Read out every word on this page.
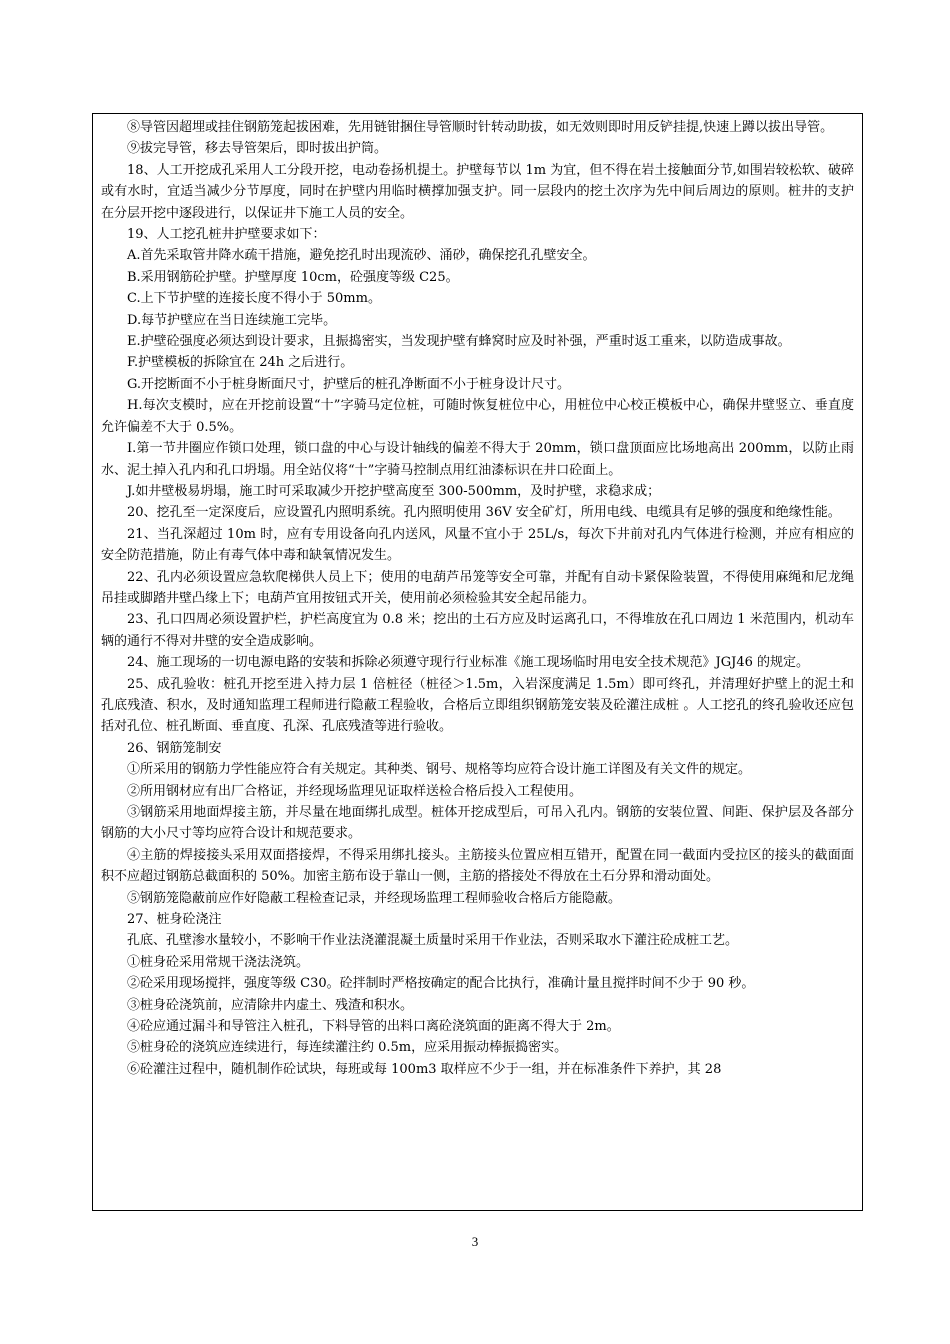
⑧导管因超埋或挂住钢筋笼起拔困难，先用链钳捆住导管顺时针转动助拔，如无效则即时用反铲挂提,快速上蹲以拔出导管。

⑨拔完导管，移去导管架后，即时拔出护筒。

18、人工开挖成孔采用人工分段开挖，电动卷扬机提土。护壁每节以 1m 为宜，但不得在岩土接触面分节,如围岩较松软、破碎或有水时，宜适当减少分节厚度，同时在护壁内用临时横撑加强支护。同一层段内的挖土次序为先中间后周边的原则。桩井的支护在分层开挖中逐段进行，以保证井下施工人员的安全。

19、人工挖孔桩井护壁要求如下：

A.首先采取管井降水疏干措施，避免挖孔时出现流砂、涌砂，确保挖孔孔壁安全。

B.采用钢筋砼护壁。护壁厚度 10cm，砼强度等级 C25。

C.上下节护壁的连接长度不得小于 50mm。

D.每节护壁应在当日连续施工完毕。

E.护壁砼强度必须达到设计要求，且振捣密实，当发现护壁有蜂窝时应及时补强，严重时返工重来，以防造成事故。

F.护壁模板的拆除宜在 24h 之后进行。

G.开挖断面不小于桩身断面尺寸，护壁后的桩孔净断面不小于桩身设计尺寸。

H.每次支模时，应在开挖前设置“十”字骑马定位桩，可随时恢复桩位中心，用桩位中心校正模板中心，确保井壁竖立、垂直度允许偏差不大于 0.5%。

I.第一节井圈应作锁口处理，锁口盘的中心与设计轴线的偏差不得大于 20mm，锁口盘顶面应比场地高出 200mm，以防止雨水、泥土掉入孔内和孔口坍塌。用全站仪将“十”字骑马控制点用红油漆标识在井口砼面上。

J.如井壁极易坍塌，施工时可采取减少开挖护壁高度至 300-500mm，及时护壁，求稳求成；

20、挖孔至一定深度后，应设置孔内照明系统。孔内照明使用 36V 安全矿灯，所用电线、电缆具有足够的强度和绝缘性能。

21、当孔深超过 10m 时，应有专用设备向孔内送风，风量不宜小于 25L/s，每次下井前对孔内气体进行检测，并应有相应的安全防范措施，防止有毒气体中毒和缺氧情况发生。

22、孔内必须设置应急软爬梯供人员上下；使用的电葫芦吊笼等安全可靠，并配有自动卡紧保险装置，不得使用麻绳和尼龙绳吊挂或脚踏井壁凸缘上下；电葫芦宜用按钮式开关，使用前必须检验其安全起吊能力。

23、孔口四周必须设置护栏，护栏高度宜为 0.8 米；挖出的土石方应及时运离孔口，不得堆放在孔口周边 1 米范围内，机动车辆的通行不得对井壁的安全造成影响。

24、施工现场的一切电源电路的安装和拆除必须遵守现行行业标准《施工现场临时用电安全技术规范》JGJ46 的规定。

25、成孔验收：桩孔开挖至进入持力层 1 倍桩径（桩径＞1.5m，入岩深度满足 1.5m）即可终孔，并清理好护壁上的泥土和孔底残渣、积水，及时通知监理工程师进行隐蔽工程验收，合格后立即组织钢筋笼安装及砼灌注成桩 。人工挖孔的终孔验收还应包括对孔位、桩孔断面、垂直度、孔深、孔底残渣等进行验收。

26、钢筋笼制安

①所采用的钢筋力学性能应符合有关规定。其种类、钢号、规格等均应符合设计施工详图及有关文件的规定。

②所用钢材应有出厂合格证，并经现场监理见证取样送检合格后投入工程使用。

③钢筋采用地面焊接主筋，并尽量在地面绑扎成型。桩体开挖成型后，可吊入孔内。钢筋的安装位置、间距、保护层及各部分钢筋的大小尺寸等均应符合设计和规范要求。

④主筋的焊接接头采用双面搭接焊，不得采用绑扎接头。主筋接头位置应相互错开，配置在同一截面内受拉区的接头的截面面积不应超过钢筋总截面积的 50%。加密主筋布设于靠山一侧，主筋的搭接处不得放在土石分界和滑动面处。

⑤钢筋笼隐蔽前应作好隐蔽工程检查记录，并经现场监理工程师验收合格后方能隐蔽。

27、桩身砼浇注

孔底、孔壁渗水量较小，不影响干作业法浇灌混凝土质量时采用干作业法，否则采取水下灌注砼成桩工艺。

①桩身砼采用常规干浇法浇筑。

②砼采用现场搅拌，强度等级 C30。砼拌制时严格按确定的配合比执行，准确计量且搅拌时间不少于 90 秒。

③桩身砼浇筑前，应清除井内虚土、残渣和积水。

④砼应通过漏斗和导管注入桩孔，下料导管的出料口离砼浇筑面的距离不得大于 2m。

⑤桩身砼的浇筑应连续进行，每连续灌注约 0.5m，应采用振动棒振捣密实。

⑥砼灌注过程中，随机制作砼试块，每班或每 100m3 取样应不少于一组，并在标准条件下养护，其 28

3
